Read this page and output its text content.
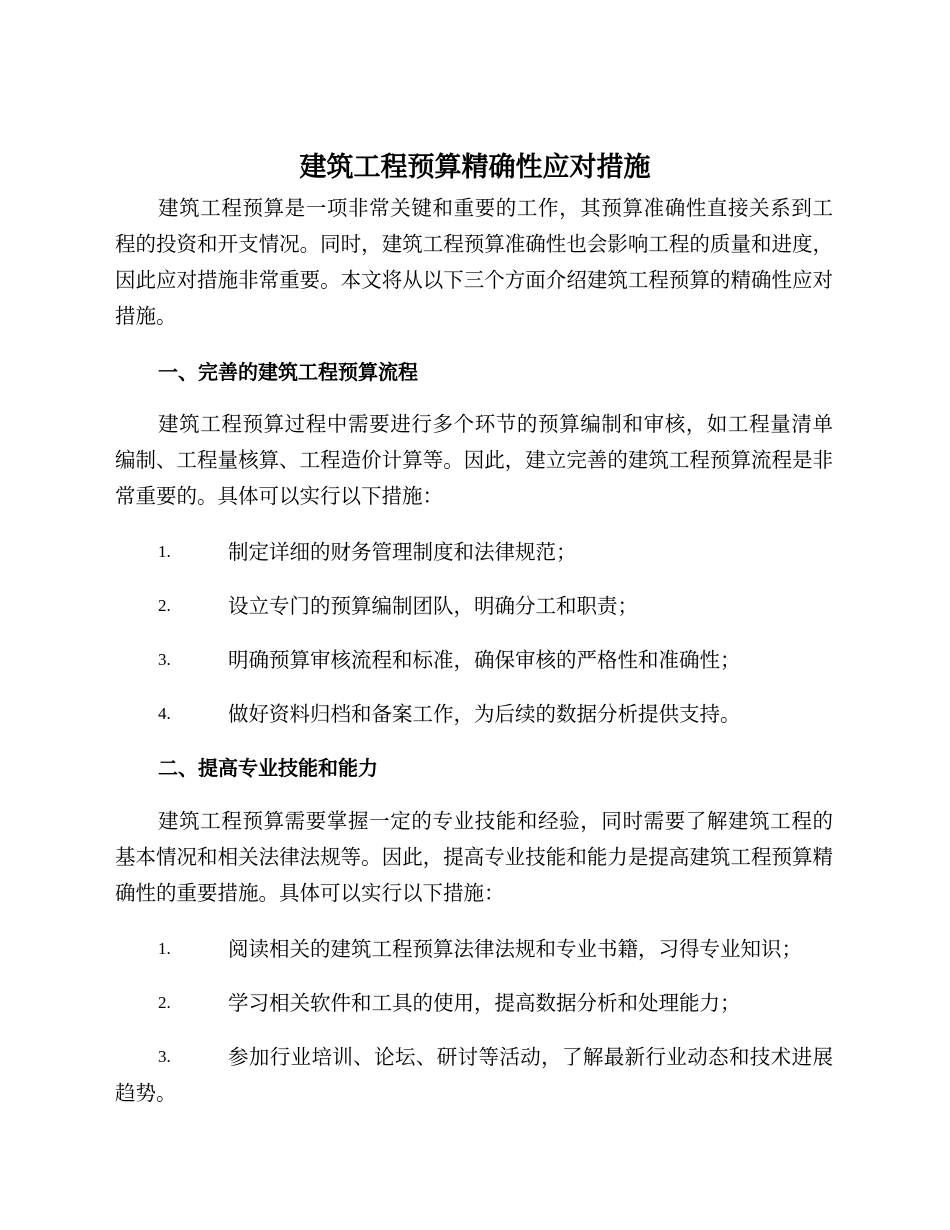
建筑工程预算精确性应对措施

建筑工程预算是一项非常关键和重要的工作，其预算准确性直接关系到工程的投资和开支情况。同时，建筑工程预算准确性也会影响工程的质量和进度，因此应对措施非常重要。本文将从以下三个方面介绍建筑工程预算的精确性应对措施。

一、完善的建筑工程预算流程

建筑工程预算过程中需要进行多个环节的预算编制和审核，如工程量清单编制、工程量核算、工程造价计算等。因此，建立完善的建筑工程预算流程是非常重要的。具体可以实行以下措施：

1.	制定详细的财务管理制度和法律规范；
2.	设立专门的预算编制团队，明确分工和职责；
3.	明确预算审核流程和标准，确保审核的严格性和准确性；
4.	做好资料归档和备案工作，为后续的数据分析提供支持。
二、提高专业技能和能力

建筑工程预算需要掌握一定的专业技能和经验，同时需要了解建筑工程的基本情况和相关法律法规等。因此，提高专业技能和能力是提高建筑工程预算精确性的重要措施。具体可以实行以下措施：

1.	阅读相关的建筑工程预算法律法规和专业书籍，习得专业知识；
2.	学习相关软件和工具的使用，提高数据分析和处理能力；
3.	参加行业培训、论坛、研讨等活动，了解最新行业动态和技术进展趋势。
